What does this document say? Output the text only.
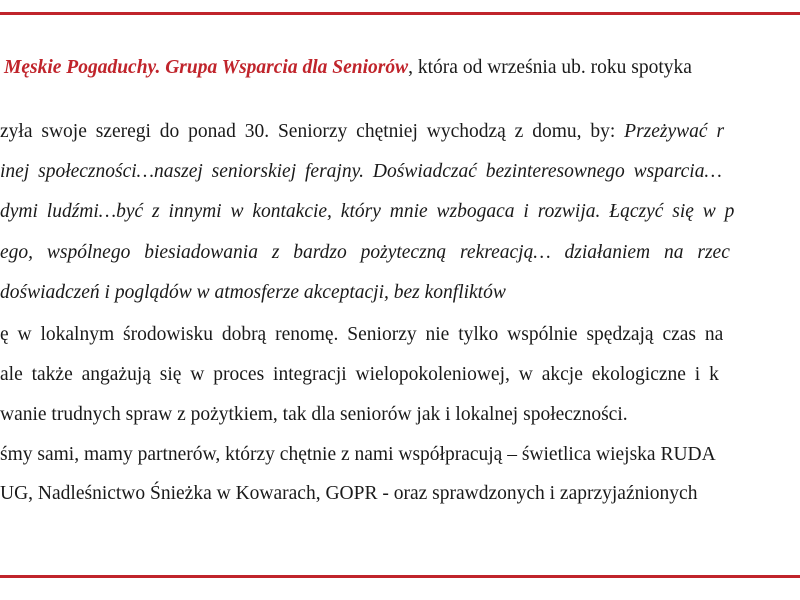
Męskie Pogaduchy. Grupa Wsparcia dla Seniorów, która od września ub. roku spotyka
zyła swoje szeregi do ponad 30. Seniorzy chętniej wychodzą z domu, by: Przeżywać r
inej społeczności…naszej seniorskiej ferajny. Doświadczać bezinteresownego wsparcia…
dymi ludźmi…być z innymi w kontakcie, który mnie wzbogaca i rozwija. Łączyć się w p
ego, wspólnego biesiadowania z bardzo pożyteczną rekreacją… działaniem na rzec
doświadczeń i poglądów w atmosferze akceptacji, bez konfliktów
ę w lokalnym środowisku dobrą renomę. Seniorzy nie tylko wspólnie spędzają czas na
ale także angażują się w proces integracji wielopokoleniowej, w akcje ekologiczne i k
wanie trudnych spraw z pożytkiem, tak dla seniorów jak i lokalnej społeczności.
śmy sami, mamy partnerów, którzy chętnie z nami współpracują – świetlica wiejska RUDA
UG, Nadleśnictwo Śnieżka w Kowarach, GOPR - oraz sprawdzonych i zaprzyjaźnionych
